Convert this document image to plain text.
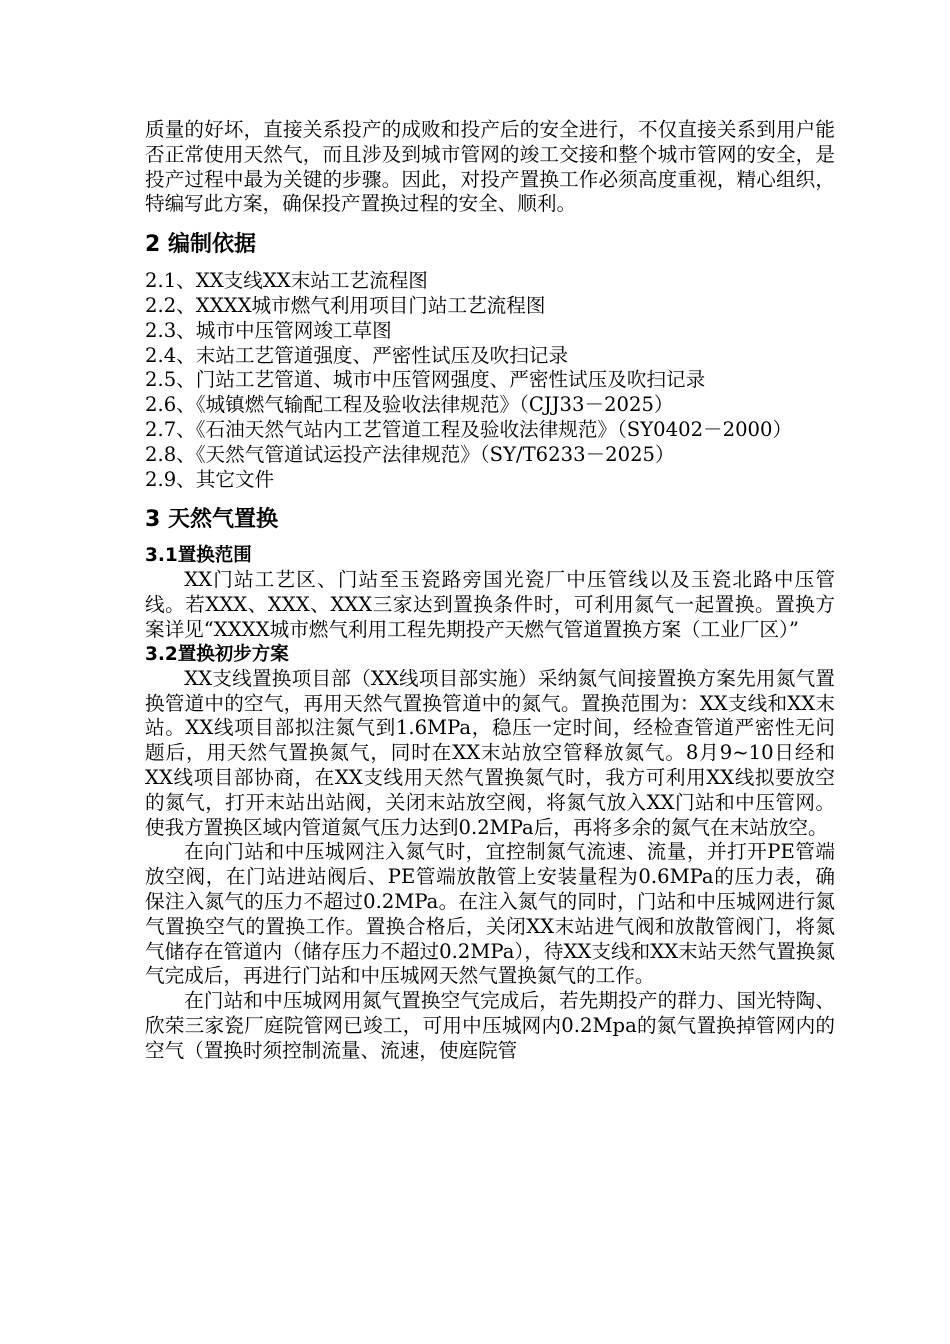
质量的好坏，直接关系投产的成败和投产后的安全进行，不仅直接关系到用户能否正常使用天然气，而且涉及到城市管网的竣工交接和整个城市管网的安全，是投产过程中最为关键的步骤。因此，对投产置换工作必须高度重视，精心组织，特编写此方案，确保投产置换过程的安全、顺利。

2 编制依据
2.1、XX支线XX末站工艺流程图
2.2、XXXX城市燃气利用项目门站工艺流程图
2.3、城市中压管网竣工草图
2.4、末站工艺管道强度、严密性试压及吹扫记录
2.5、门站工艺管道、城市中压管网强度、严密性试压及吹扫记录
2.6、《城镇燃气输配工程及验收法律规范》（CJJ33－2025）
2.7、《石油天然气站内工艺管道工程及验收法律规范》（SY0402－2000）
2.8、《天然气管道试运投产法律规范》（SY/T6233－2025）
2.9、其它文件
3 天然气置换
3.1置换范围

XX门站工艺区、门站至玉瓷路旁国光瓷厂中压管线以及玉瓷北路中压管线。若XXX、XXX、XXX三家达到置换条件时，可利用氮气一起置换。置换方案详见“XXXX城市燃气利用工程先期投产天燃气管道置换方案（工业厂区）”

3.2置换初步方案

XX支线置换项目部（XX线项目部实施）采纳氮气间接置换方案先用氮气置换管道中的空气，再用天然气置换管道中的氮气。置换范围为：XX支线和XX末站。XX线项目部拟注氮气到1.6MPa，稳压一定时间，经检查管道严密性无问题后，用天然气置换氮气，同时在XX末站放空管释放氮气。8月9~10日经和XX线项目部协商，在XX支线用天然气置换氮气时，我方可利用XX线拟要放空的氮气，打开末站出站阀，关闭末站放空阀，将氮气放入XX门站和中压管网。使我方置换区域内管道氮气压力达到0.2MPa后，再将多余的氮气在末站放空。

在向门站和中压城网注入氮气时，宜控制氮气流速、流量，并打开PE管端放空阀，在门站进站阀后、PE管端放散管上安装量程为0.6MPa的压力表，确保注入氮气的压力不超过0.2MPa。在注入氮气的同时，门站和中压城网进行氮气置换空气的置换工作。置换合格后，关闭XX末站进气阀和放散管阀门，将氮气储存在管道内（储存压力不超过0.2MPa），待XX支线和XX末站天然气置换氮气完成后，再进行门站和中压城网天然气置换氮气的工作。

在门站和中压城网用氮气置换空气完成后，若先期投产的群力、国光特陶、欣荣三家瓷厂庭院管网已竣工，可用中压城网内0.2Mpa的氮气置换掉管网内的空气（置换时须控制流量、流速，使庭院管
